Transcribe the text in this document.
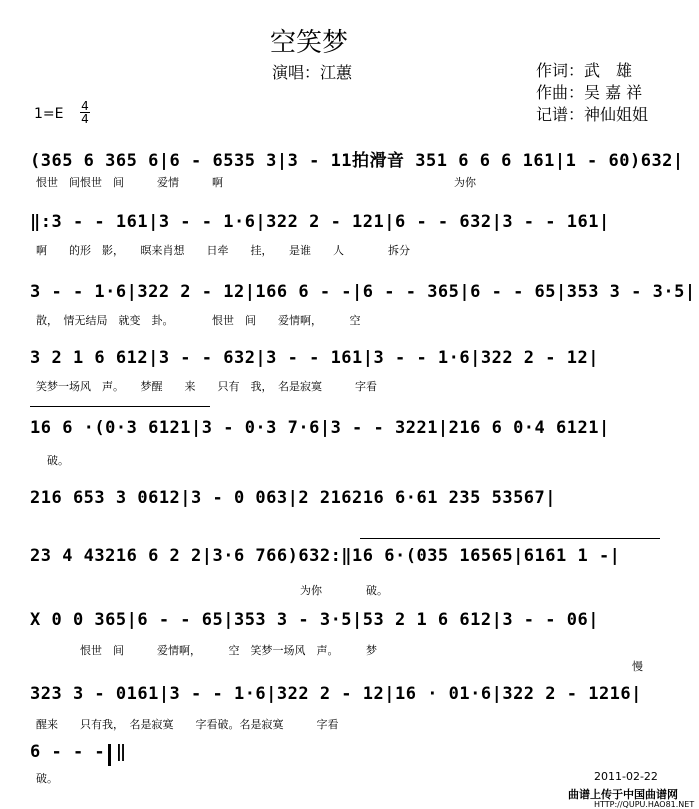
空笑梦
演唱：江蕙	作词：武　雄
作曲：吴 嘉 祥
记谱：神仙姐姐
1=E 4
4
(365 6 365 6|6 - 6535 3|3 - 11拍滑音 351 6 6 6 161|1 - 60)632|
恨世　间恨世　间　　　爱情　　　啊　　　　　　　　　　　　　　　　　　　　　为你
‖:3 - - 161|3 - - 1·6|322 2 - 121|6 - - 632|3 - - 161|
啊　　的形　影，　　暝来肖想　　日牵　　挂，　　是谁　　人　　　　拆分
3 - - 1·6|322 2 - 12|166 6 - -|6 - - 365|6 - - 65|353 3 - 3·5|
散，　情无结局　就变　卦。　　　　恨世　间　　爱情啊，　　　空
3 2 1 6 612|3 - - 632|3 - - 161|3 - - 1·6|322 2 - 12|
笑梦一场风　声。　　梦醒　　来　　只有　我，　名是寂寞　　　字看
16 6 ·(0·3 6121|3 - 0·3 7·6|3 - - 3221|216 6 0·4 6121|
　破。
216 653 3 0612|3 - 0 063|2 216216 6·61 235 53567|
23 4 43216 6 2 2|3·6 766)632:‖16 6·(035 16565|6161 1 -|
　　　　　　　　　　　　　　　　　　　　　　　　为你　　　　破。
X 0 0 365|6 - - 65|353 3 - 3·5|53 2 1 6 612|3 - - 06|
　　　　恨世　间　　　爱情啊，　　　空　笑梦一场风　声。　　　梦
慢
323 3 - 0161|3 - - 1·6|322 2 - 12|16 · 01·6|322 2 - 1216|
醒来　　只有我，　名是寂寞　　字看破。名是寂寞　　　字看
6 - - - ‖
破。	2011-02-22
曲谱上传于中国曲谱网
HTTP://QUPU.HAO81.NET
